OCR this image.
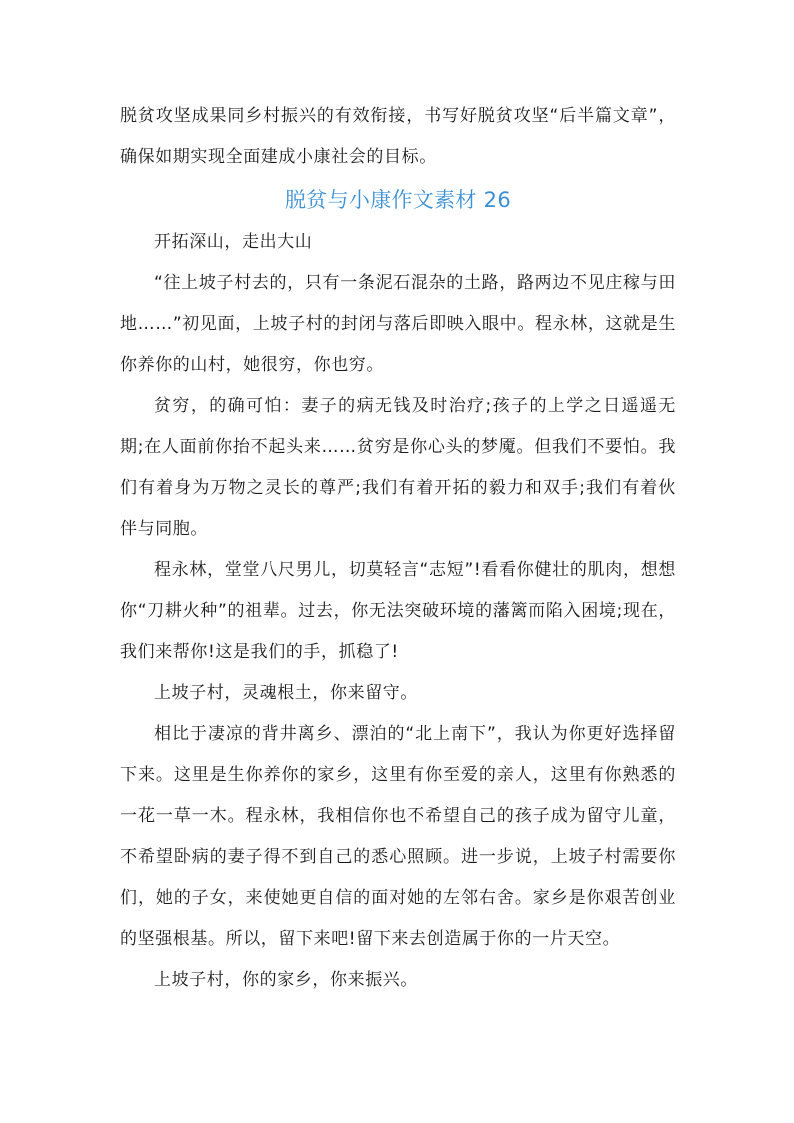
脱贫攻坚成果同乡村振兴的有效衔接，书写好脱贫攻坚“后半篇文章”，确保如期实现全面建成小康社会的目标。

脱贫与小康作文素材 26

开拓深山，走出大山

“往上坡子村去的，只有一条泥石混杂的土路，路两边不见庄稼与田地……”初见面，上坡子村的封闭与落后即映入眼中。程永林，这就是生你养你的山村，她很穷，你也穷。

贫穷，的确可怕：妻子的病无钱及时治疗;孩子的上学之日遥遥无期;在人面前你抬不起头来……贫穷是你心头的梦魇。但我们不要怕。我们有着身为万物之灵长的尊严;我们有着开拓的毅力和双手;我们有着伙伴与同胞。

程永林，堂堂八尺男儿，切莫轻言“志短”!看看你健壮的肌肉，想想你“刀耕火种”的祖辈。过去，你无法突破环境的藩篱而陷入困境;现在，我们来帮你!这是我们的手，抓稳了!

上坡子村，灵魂根土，你来留守。

相比于凄凉的背井离乡、漂泊的“北上南下”，我认为你更好选择留下来。这里是生你养你的家乡，这里有你至爱的亲人，这里有你熟悉的一花一草一木。程永林，我相信你也不希望自己的孩子成为留守儿童，不希望卧病的妻子得不到自己的悉心照顾。进一步说，上坡子村需要你们，她的子女，来使她更自信的面对她的左邻右舍。家乡是你艰苦创业的坚强根基。所以，留下来吧!留下来去创造属于你的一片天空。

上坡子村，你的家乡，你来振兴。
